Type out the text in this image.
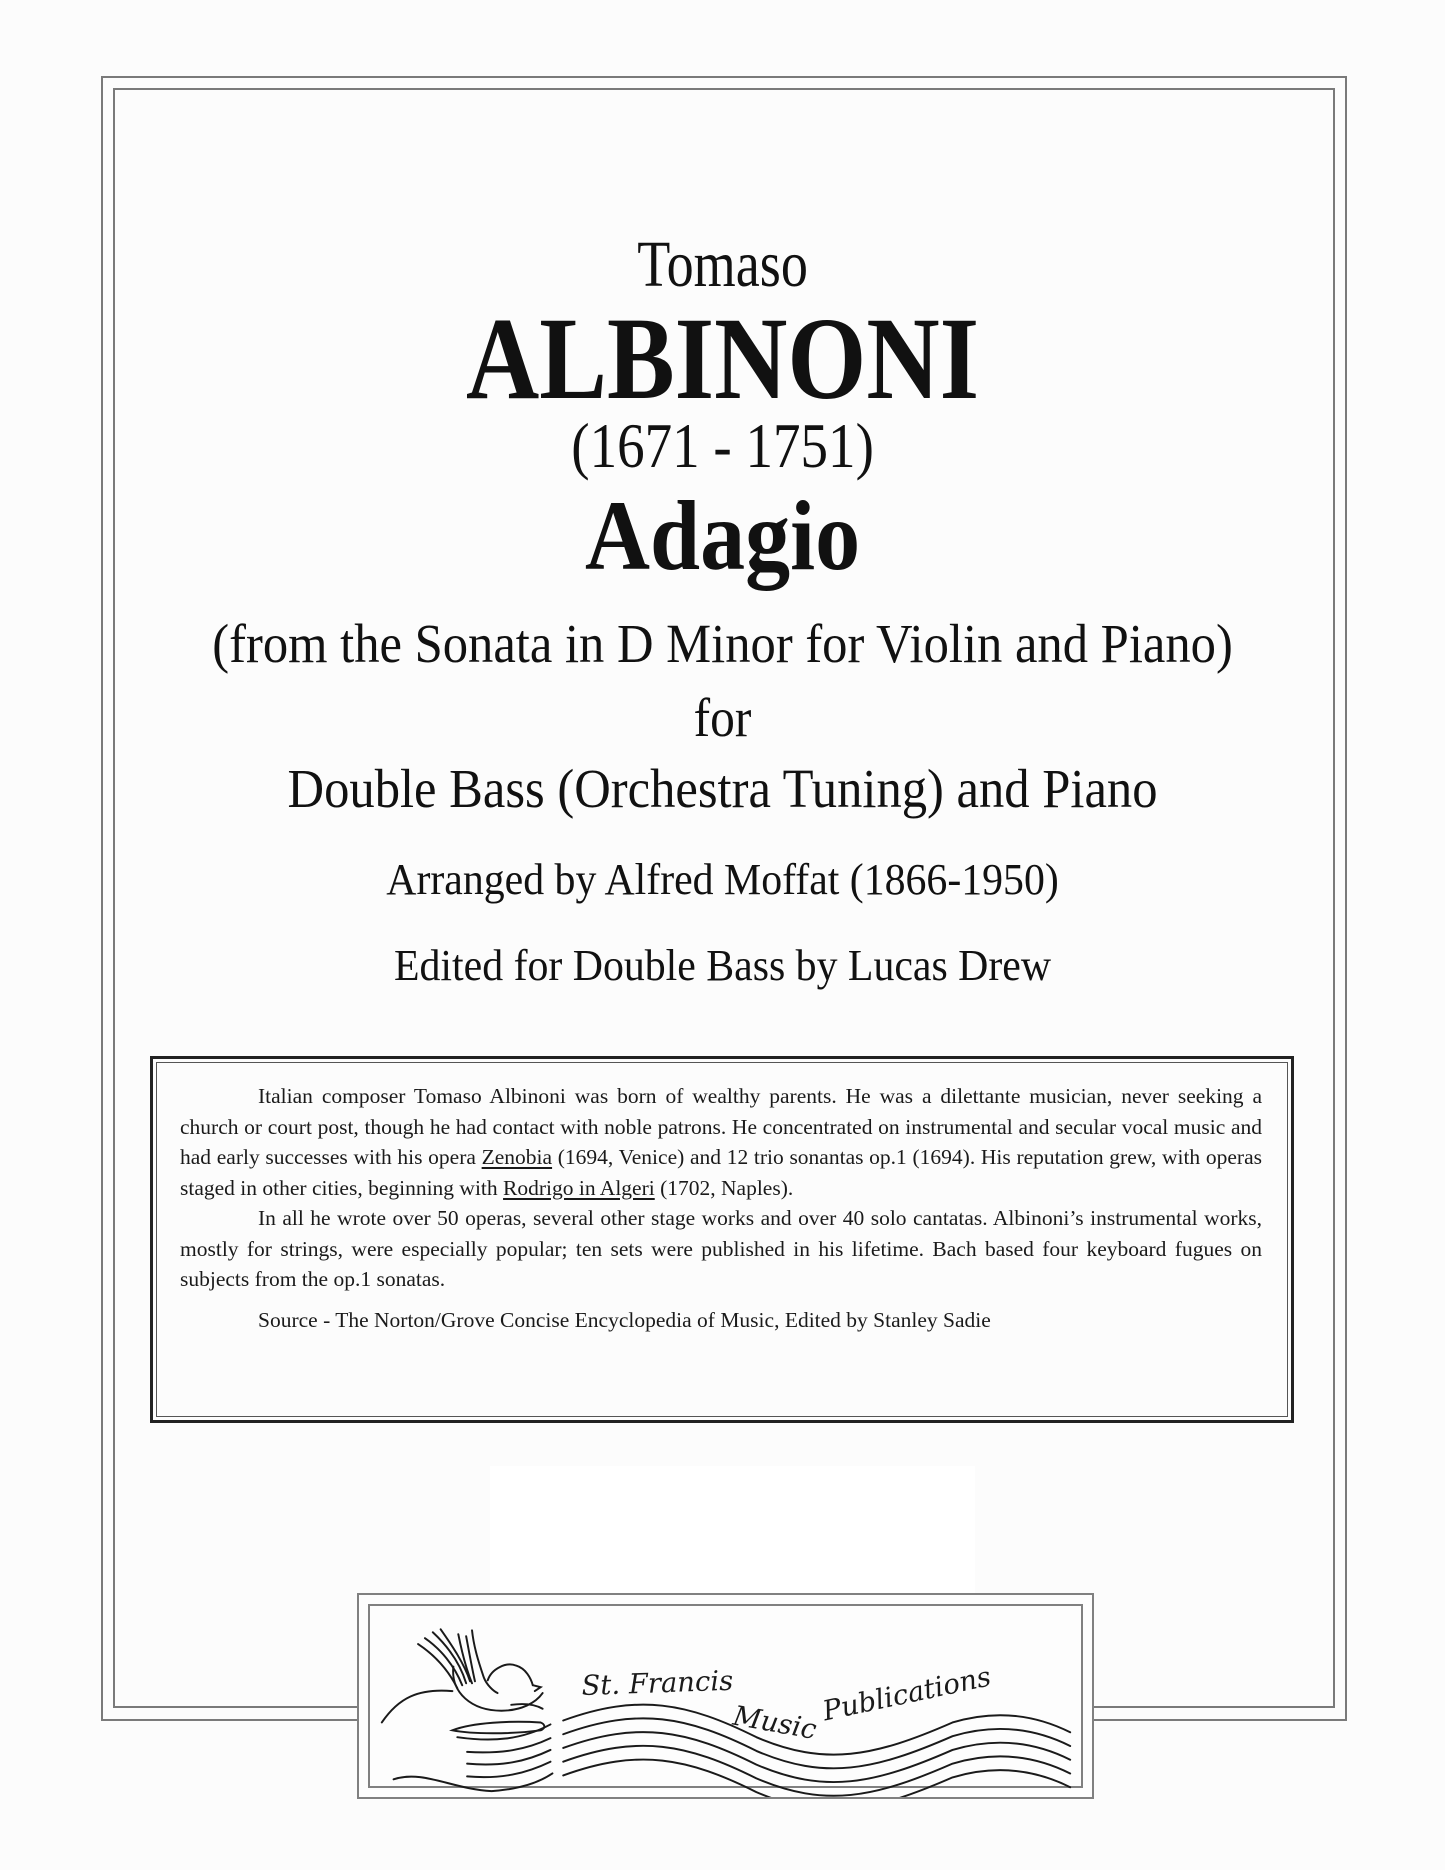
Tomaso
ALBINONI
(1671 - 1751)
Adagio
(from the Sonata in D Minor for Violin and Piano)
for
Double Bass (Orchestra Tuning) and Piano
Arranged by Alfred Moffat (1866-1950)
Edited for Double Bass by Lucas Drew

Italian composer Tomaso Albinoni was born of wealthy parents. He was a dilettante musician, never seeking a church or court post, though he had contact with noble patrons. He concentrated on instrumental and secular vocal music and had early successes with his opera Zenobia (1694, Venice) and 12 trio sonantas op.1 (1694). His reputation grew, with operas staged in other cities, beginning with Rodrigo in Algeri (1702, Naples).

In all he wrote over 50 operas, several other stage works and over 40 solo cantatas. Albinoni’s instrumental works, mostly for strings, were especially popular; ten sets were published in his lifetime. Bach based four keyboard fugues on subjects from the op.1 sonatas.

Source - The Norton/Grove Concise Encyclopedia of Music, Edited by Stanley Sadie
St. Francis
Music Publications
